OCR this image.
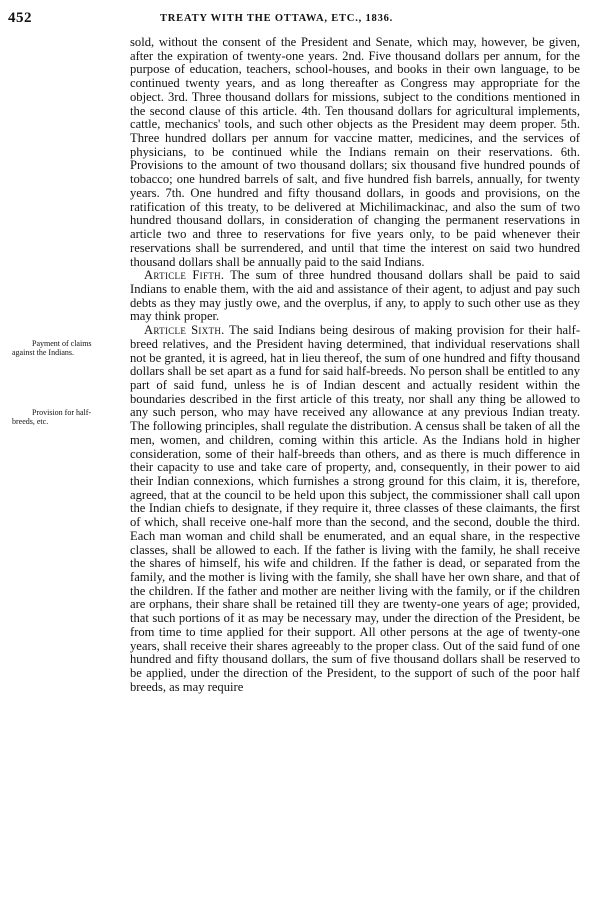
452	TREATY WITH THE OTTAWA, ETC., 1836.
Payment of claims
against the Indians.
Provision for half-
breeds, etc.

sold, without the consent of the President and Senate, which may, however, be given, after the expiration of twenty-one years. 2nd. Five thousand dollars per annum, for the purpose of education, teachers, school-houses, and books in their own language, to be continued twenty years, and as long thereafter as Congress may appropriate for the object. 3rd. Three thousand dollars for missions, subject to the conditions mentioned in the second clause of this article. 4th. Ten thousand dollars for agricultural implements, cattle, mechanics' tools, and such other objects as the President may deem proper. 5th. Three hundred dollars per annum for vaccine matter, medicines, and the services of physicians, to be continued while the Indians remain on their reservations. 6th. Provisions to the amount of two thousand dollars; six thousand five hundred pounds of tobacco; one hundred barrels of salt, and five hundred fish barrels, annually, for twenty years. 7th. One hundred and fifty thousand dollars, in goods and provisions, on the ratification of this treaty, to be delivered at Michilimackinac, and also the sum of two hundred thousand dollars, in consideration of changing the permanent reservations in article two and three to reservations for five years only, to be paid whenever their reservations shall be surrendered, and until that time the interest on said two hundred thousand dollars shall be annually paid to the said Indians.

Article Fifth. The sum of three hundred thousand dollars shall be paid to said Indians to enable them, with the aid and assistance of their agent, to adjust and pay such debts as they may justly owe, and the overplus, if any, to apply to such other use as they may think proper.

Article Sixth. The said Indians being desirous of making provision for their half-breed relatives, and the President having determined, that individual reservations shall not be granted, it is agreed, hat in lieu thereof, the sum of one hundred and fifty thousand dollars shall be set apart as a fund for said half-breeds. No person shall be entitled to any part of said fund, unless he is of Indian descent and actually resident within the boundaries described in the first article of this treaty, nor shall any thing be allowed to any such person, who may have received any allowance at any previous Indian treaty. The following principles, shall regulate the distribution. A census shall be taken of all the men, women, and children, coming within this article. As the Indians hold in higher consideration, some of their half-breeds than others, and as there is much difference in their capacity to use and take care of property, and, consequently, in their power to aid their Indian connexions, which furnishes a strong ground for this claim, it is, therefore, agreed, that at the council to be held upon this subject, the commissioner shall call upon the Indian chiefs to designate, if they require it, three classes of these claimants, the first of which, shall receive one-half more than the second, and the second, double the third. Each man woman and child shall be enumerated, and an equal share, in the respective classes, shall be allowed to each. If the father is living with the family, he shall receive the shares of himself, his wife and children. If the father is dead, or separated from the family, and the mother is living with the family, she shall have her own share, and that of the children. If the father and mother are neither living with the family, or if the children are orphans, their share shall be retained till they are twenty-one years of age; provided, that such portions of it as may be necessary may, under the direction of the President, be from time to time applied for their support. All other persons at the age of twenty-one years, shall receive their shares agreeably to the proper class. Out of the said fund of one hundred and fifty thousand dollars, the sum of five thousand dollars shall be reserved to be applied, under the direction of the President, to the support of such of the poor half breeds, as may require
